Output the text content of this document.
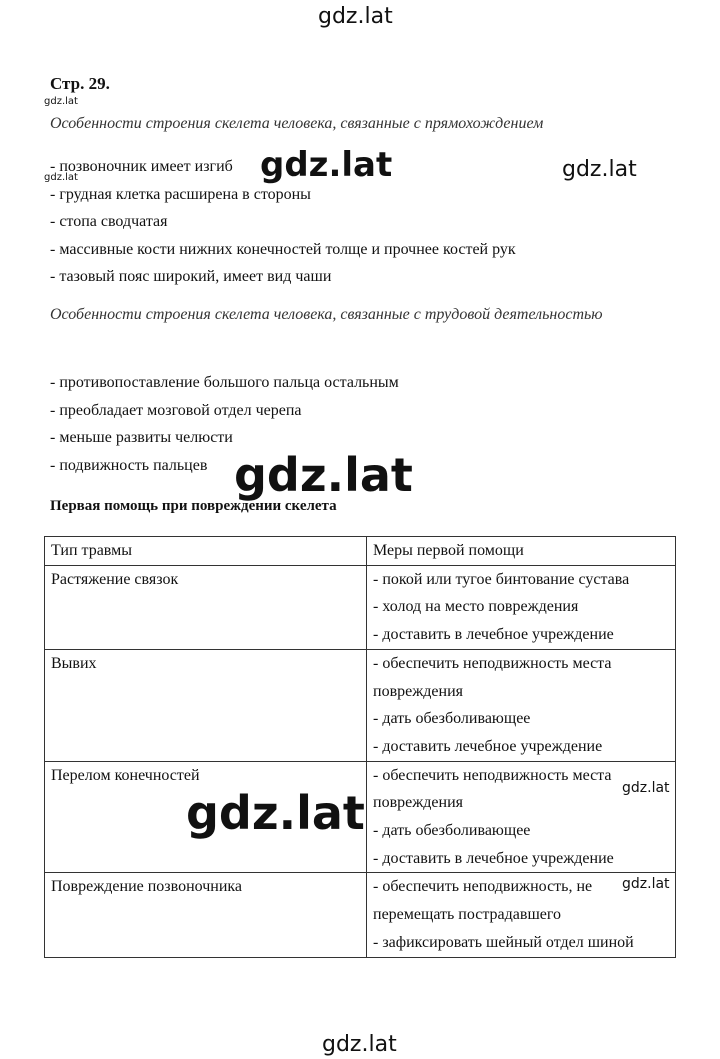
gdz.lat
Стр. 29.
gdz.lat
Особенности строения скелета человека, связанные с прямохождением
- позвоночник имеет изгиб
- грудная клетка расширена в стороны
- стопа сводчатая
- массивные кости нижних конечностей толще и прочнее костей рук
- тазовый пояс широкий, имеет вид чаши
gdz.lat	gdz.lat	gdz.lat
Особенности строения скелета человека, связанные с трудовой деятельностью
- противопоставление большого пальца остальным
- преобладает мозговой отдел черепа
- меньше развиты челюсти
- подвижность пальцев
Первая помощь при повреждении скелета
gdz.lat
Тип травмы	Меры первой помощи
Растяжение связок	- покой или тугое бинтование сустава
- холод на место повреждения
- доставить в лечебное учреждение

Вывих	- обеспечить неподвижность места повреждения
- дать обезболивающее
- доставить лечебное учреждение

Перелом конечностей	- обеспечить неподвижность места повреждения
- дать обезболивающее
- доставить в лечебное учреждение

Повреждение позвоночника	- обеспечить неподвижность, не перемещать пострадавшего
- зафиксировать шейный отдел шиной
gdz.lat	gdz.lat
gdz.lat
gdz.lat
